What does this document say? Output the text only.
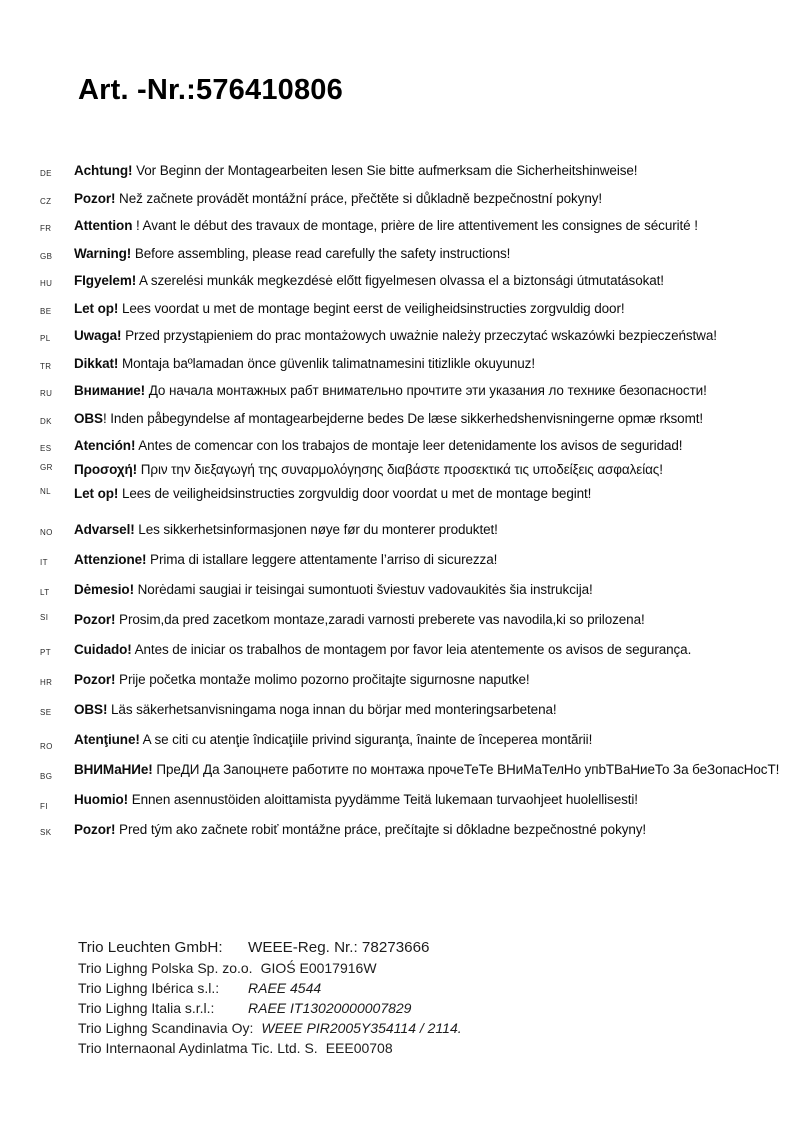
Art. -Nr.:576410806
DE	Achtung! Vor Beginn der Montagearbeiten lesen Sie bitte aufmerksam die Sicherheitshinweise!
CZ	Pozor! Než začnete provádět montážní práce, přečtěte si důkladně bezpečnostní pokyny!
FR	Attention ! Avant le début des travaux de montage, prière de lire attentivement les consignes de sécurité !
GB	Warning! Before assembling, please read carefully the safety instructions!
HU	FIgyelem! A szerelési munkák megkezdésė előtt figyelmesen olvassa el a biztonsági útmutatásokat!
BE	Let op! Lees voordat u met de montage begint eerst de veiligheidsinstructies zorgvuldig door!
PL	Uwaga! Przed przystąpieniem do prac montażowych uważnie należy przeczytać wskazówki bezpieczeństwa!
TR	Dikkat! Montaja baºlamadan önce güvenlik talimatnamesini titizlikle okuyunuz!
RU	Внимание! До начала монтажных рабт внимательно прочтите эти указания ло технике безопасности!
DK	OBS! Inden påbegyndelse af montagearbejderne bedes De læse sikkerhedshenvisningerne opmæ rksomt!
ES	Atención! Antes de comencar con los trabajos de montaje leer detenidamente los avisos de seguridad!
GR	Προσοχή! Πριν την διεξαγωγή της συναρμολόγησης διαβάστε προσεκτικά τις υποδείξεις ασφαλείας!
NL	Let op! Lees de veiligheidsinstructies zorgvuldig door voordat u met de montage begint!
NO	Advarsel! Les sikkerhetsinformasjonen nøye før du monterer produktet!
IT	Attenzione! Prima di istallare leggere attentamente l’arriso di sicurezza!
LT	Dėmesio! Norėdami saugiai ir teisingai sumontuoti šviestuv vadovaukitės šia instrukcija!
SI	Pozor! Prosim,da pred zacetkom montaze,zaradi varnosti preberete vas navodila,ki so prilozena!
PT	Cuidado! Antes de iniciar os trabalhos de montagem por favor leia atentemente os avisos de segurança.
HR	Pozor! Prije početka montaže molimo pozorno pročitajte sigurnosne naputke!
SE	OBS! Läs säkerhetsanvisningama noga innan du börjar med monteringsarbetena!
RO	Atenţiune! A se citi cu atenţie îndicaţiile privind siguranţa, înainte de începerea montării!
BG	ВНИМаНИе! ПреДИ Да Запоцнете работите по монтажа прочеТеТе ВНиМаТелНо упbТВаНиеТо За беЗопасНосТ!
FI	Huomio! Ennen asennustöiden aloittamista pyydämme Teitä lukemaan turvaohjeet huolellisesti!
SK	Pozor! Pred tým ako začnete robiť montážne práce, prečítajte si dôkladne bezpečnostné pokyny!
Trio Leuchten GmbH:	WEEE-Reg. Nr.: 78273666
Trio Lighng Polska Sp. zo.o. GIOŚ E0017916W
Trio Lighng Ibérica s.l.:	RAEE 4544
Trio Lighng Italia s.r.l.:	RAEE IT13020000007829
Trio Lighng Scandinavia Oy: WEEE PIR2005Y354114 / 2114.
Trio Internaonal Aydinlatma Tic. Ltd. S. EEE00708
